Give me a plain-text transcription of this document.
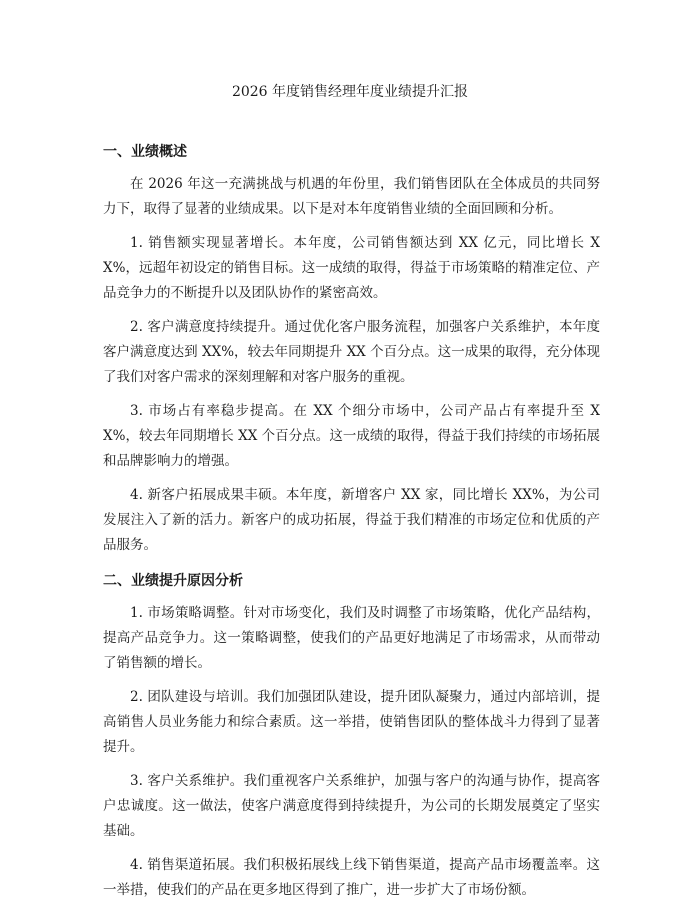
2026 年度销售经理年度业绩提升汇报
一、业绩概述

在 2026 年这一充满挑战与机遇的年份里，我们销售团队在全体成员的共同努力下，取得了显著的业绩成果。以下是对本年度销售业绩的全面回顾和分析。

1. 销售额实现显著增长。本年度，公司销售额达到 XX 亿元，同比增长 XX%，远超年初设定的销售目标。这一成绩的取得，得益于市场策略的精准定位、产品竞争力的不断提升以及团队协作的紧密高效。

2. 客户满意度持续提升。通过优化客户服务流程，加强客户关系维护，本年度客户满意度达到 XX%，较去年同期提升 XX 个百分点。这一成果的取得，充分体现了我们对客户需求的深刻理解和对客户服务的重视。

3. 市场占有率稳步提高。在 XX 个细分市场中，公司产品占有率提升至 XX%，较去年同期增长 XX 个百分点。这一成绩的取得，得益于我们持续的市场拓展和品牌影响力的增强。

4. 新客户拓展成果丰硕。本年度，新增客户 XX 家，同比增长 XX%，为公司发展注入了新的活力。新客户的成功拓展，得益于我们精准的市场定位和优质的产品服务。

二、业绩提升原因分析

1. 市场策略调整。针对市场变化，我们及时调整了市场策略，优化产品结构，提高产品竞争力。这一策略调整，使我们的产品更好地满足了市场需求，从而带动了销售额的增长。

2. 团队建设与培训。我们加强团队建设，提升团队凝聚力，通过内部培训，提高销售人员业务能力和综合素质。这一举措，使销售团队的整体战斗力得到了显著提升。

3. 客户关系维护。我们重视客户关系维护，加强与客户的沟通与协作，提高客户忠诚度。这一做法，使客户满意度得到持续提升，为公司的长期发展奠定了坚实基础。

4. 销售渠道拓展。我们积极拓展线上线下销售渠道，提高产品市场覆盖率。这一举措，使我们的产品在更多地区得到了推广，进一步扩大了市场份额。
